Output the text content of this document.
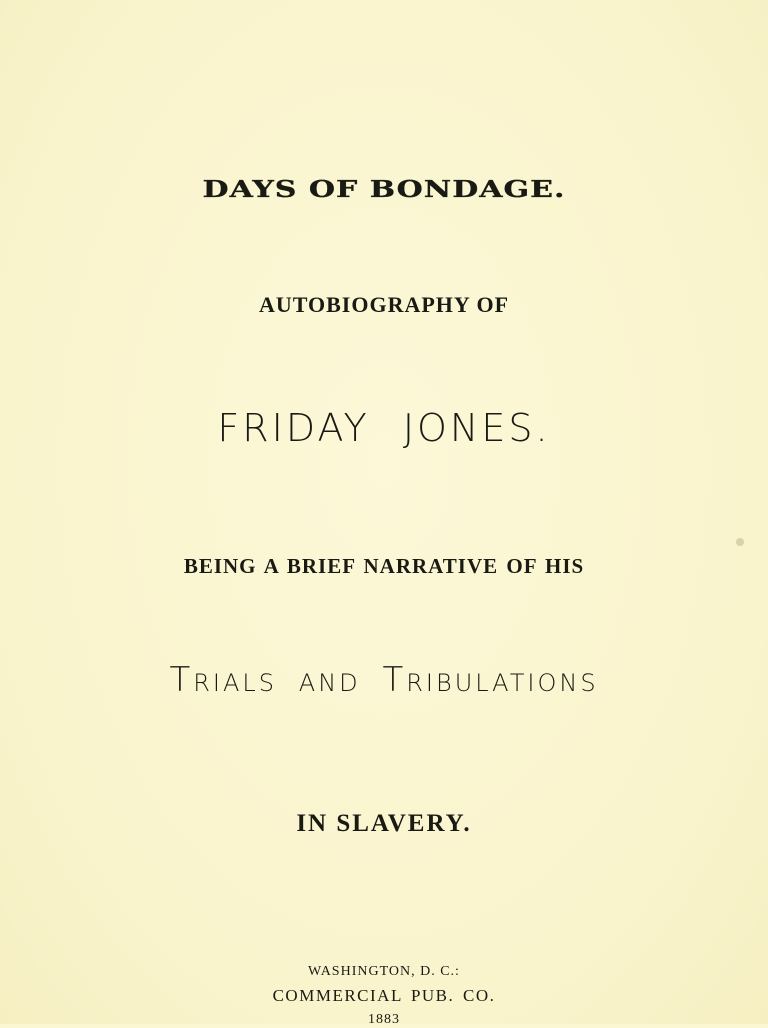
DAYS OF BONDAGE.
AUTOBIOGRAPHY OF
FRIDAY JONES.
BEING A BRIEF NARRATIVE OF HIS
Trials and Tribulations
IN SLAVERY.
WASHINGTON, D. C.:
COMMERCIAL PUB. CO.
1883
